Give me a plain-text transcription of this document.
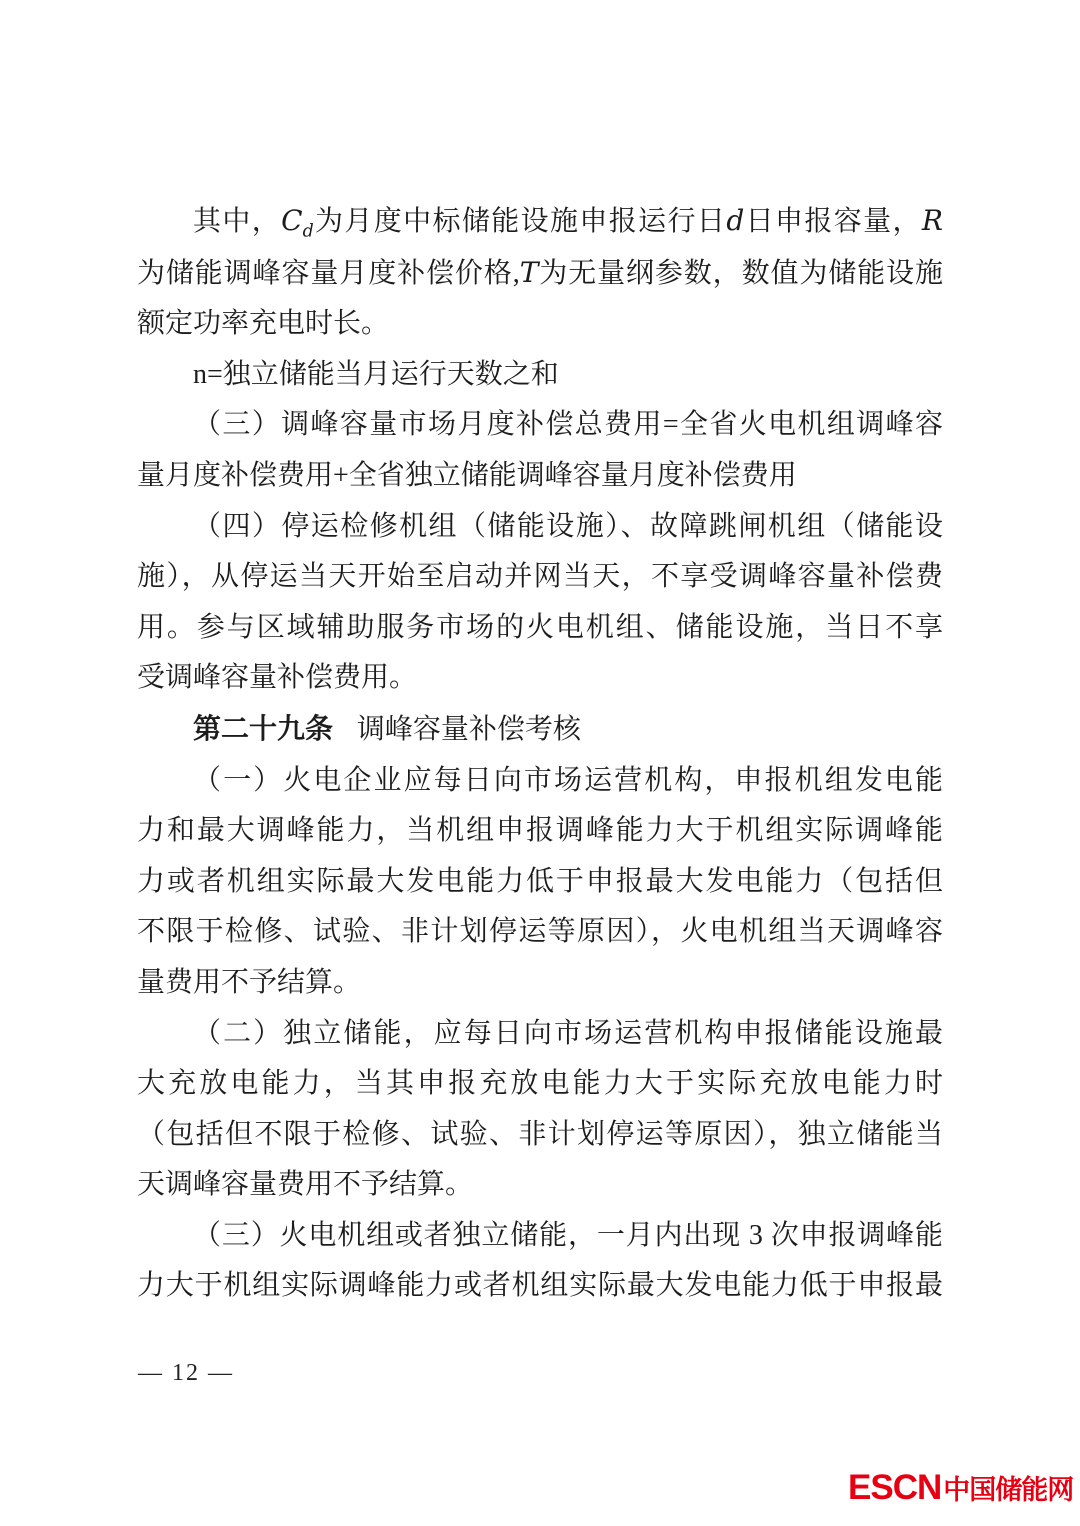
其中，$C_d$为月度中标储能设施申报运行日d日申报容量，R
为储能调峰容量月度补偿价格,T为无量纲参数，数值为储能设施
额定功率充电时长。
n=独立储能当月运行天数之和
（三）调峰容量市场月度补偿总费用=全省火电机组调峰容
量月度补偿费用+全省独立储能调峰容量月度补偿费用
（四）停运检修机组（储能设施）、故障跳闸机组（储能设
施），从停运当天开始至启动并网当天，不享受调峰容量补偿费
用。参与区域辅助服务市场的火电机组、储能设施，当日不享
受调峰容量补偿费用。
第二十九条 调峰容量补偿考核
（一）火电企业应每日向市场运营机构，申报机组发电能
力和最大调峰能力，当机组申报调峰能力大于机组实际调峰能
力或者机组实际最大发电能力低于申报最大发电能力（包括但
不限于检修、试验、非计划停运等原因），火电机组当天调峰容
量费用不予结算。
（二）独立储能，应每日向市场运营机构申报储能设施最
大充放电能力，当其申报充放电能力大于实际充放电能力时
（包括但不限于检修、试验、非计划停运等原因），独立储能当
天调峰容量费用不予结算。
（三）火电机组或者独立储能，一月内出现 3 次申报调峰能
力大于机组实际调峰能力或者机组实际最大发电能力低于申报最
— 12 —
ESCN 中国储能网
